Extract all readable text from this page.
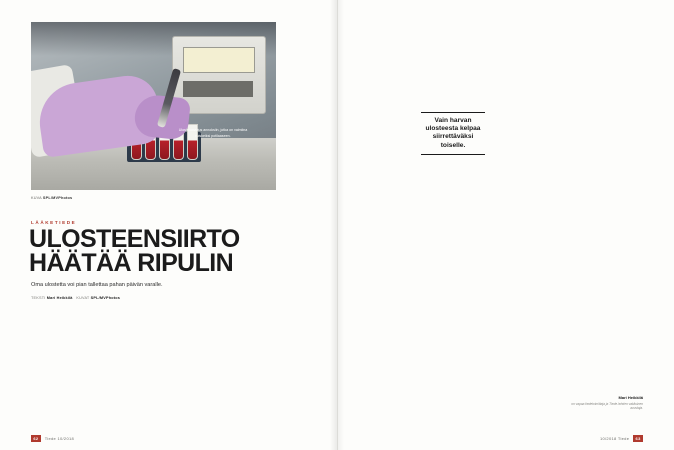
Ulosteluovutus annoksiin, jotka on valmiina ruiskeiksi potilaaseen.
KUVA SPL/MVPhotos
LÄÄKETIEDE
ULOSTEENSIIRTO HÄÄTÄÄ RIPULIN
Oma ulostetta voi pian tallettaa pahan päivän varalle.
TEKSTI Mari Heikkilä KUVAT SPL/MVPhotos
Vain harvan ulosteesta kelpaa siirrettäväksi toiselle.
Mari Heikkilä
on vapaa tiedetoimittaja ja Tiede-lehden vakituinen avustaja.
62 Tiede 10/2018	10/2018 Tiede 63
